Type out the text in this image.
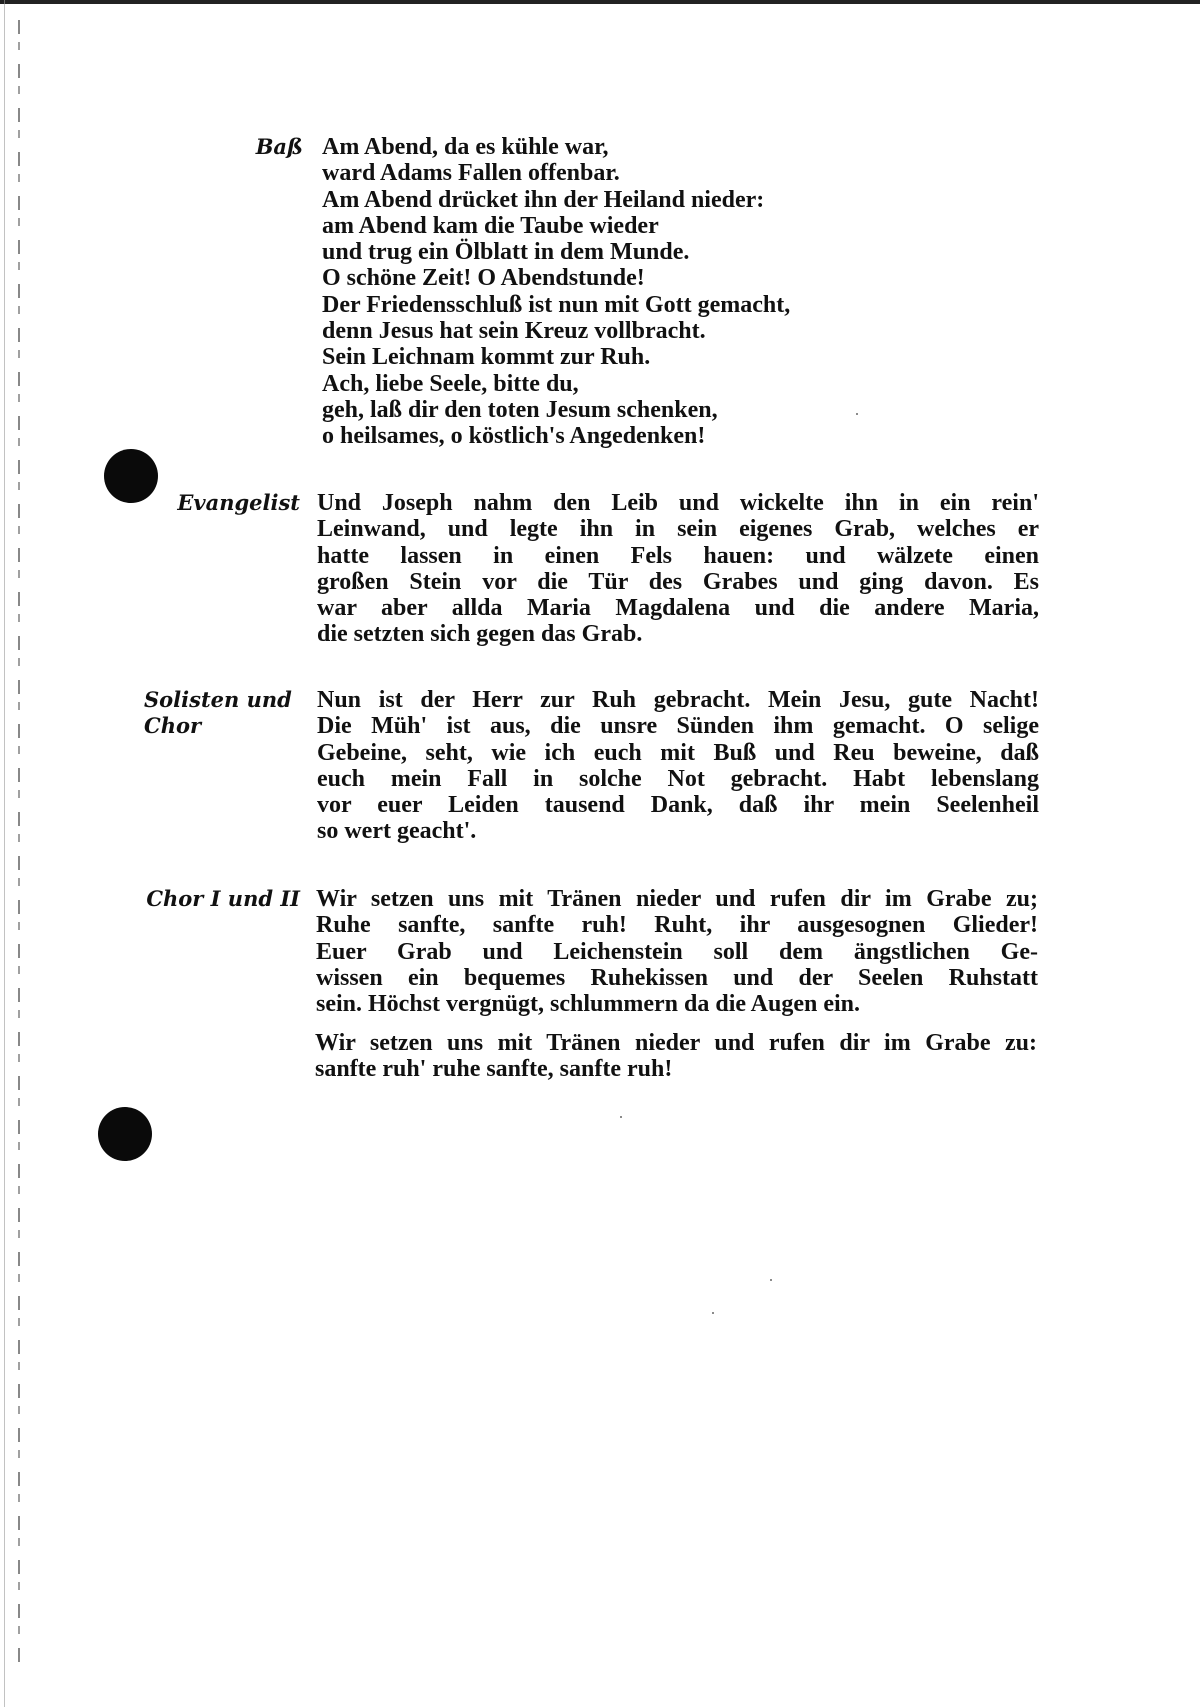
Baß Am Abend, da es kühle war,
ward Adams Fallen offenbar.
Am Abend drücket ihn der Heiland nieder:
am Abend kam die Taube wieder
und trug ein Ölblatt in dem Munde.
O schöne Zeit! O Abendstunde!
Der Friedensschluß ist nun mit Gott gemacht,
denn Jesus hat sein Kreuz vollbracht.
Sein Leichnam kommt zur Ruh.
Ach, liebe Seele, bitte du,
geh, laß dir den toten Jesum schenken,
o heilsames, o köstlich's Angedenken!
Evangelist Und Joseph nahm den Leib und wickelte ihn in ein rein'
Leinwand, und legte ihn in sein eigenes Grab, welches er
hatte lassen in einen Fels hauen: und wälzete einen
großen Stein vor die Tür des Grabes und ging davon. Es
war aber allda Maria Magdalena und die andere Maria,
die setzten sich gegen das Grab.
Solisten und
Chor
Nun ist der Herr zur Ruh gebracht. Mein Jesu, gute Nacht!
Die Müh' ist aus, die unsre Sünden ihm gemacht. O selige
Gebeine, seht, wie ich euch mit Buß und Reu beweine, daß
euch mein Fall in solche Not gebracht. Habt lebenslang
vor euer Leiden tausend Dank, daß ihr mein Seelenheil
so wert geacht'.
Chor I und II Wir setzen uns mit Tränen nieder und rufen dir im Grabe zu;
Ruhe sanfte, sanfte ruh! Ruht, ihr ausgesognen Glieder!
Euer Grab und Leichenstein soll dem ängstlichen Ge-
wissen ein bequemes Ruhekissen und der Seelen Ruhstatt
sein. Höchst vergnügt, schlummern da die Augen ein.
Wir setzen uns mit Tränen nieder und rufen dir im Grabe zu:
sanfte ruh' ruhe sanfte, sanfte ruh!
